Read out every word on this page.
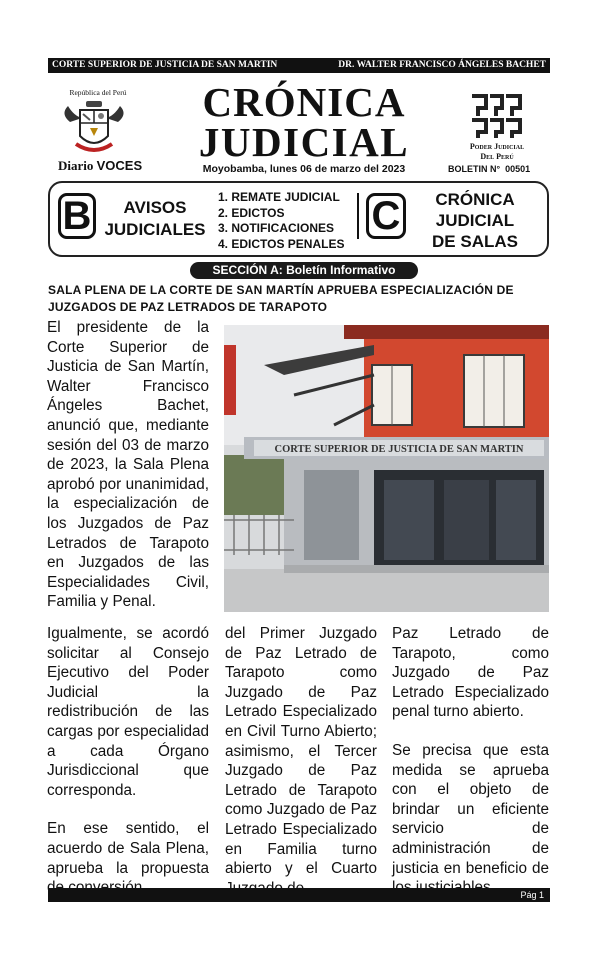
CORTE SUPERIOR DE JUSTICIA DE SAN MARTIN	DR. WALTER FRANCISCO ÁNGELES BACHET
República del Perú
Diario VOCES
CRÓNICA
JUDICIAL
Moyobamba, lunes 06 de marzo del 2023
Poder Judicial
Del Perú
BOLETIN N° 00501
B	AVISOS
JUDICIALES
1. REMATE JUDICIAL
2. EDICTOS
3. NOTIFICACIONES
4. EDICTOS PENALES
C	CRÓNICA
JUDICIAL
DE SALAS
SECCIÓN A: Boletín Informativo
SALA PLENA DE LA CORTE DE SAN MARTÍN APRUEBA ESPECIALIZACIÓN DE JUZGADOS DE PAZ LETRADOS DE TARAPOTO

El presidente de la Corte Superior de Justicia de San Martín, Walter Francisco Ángeles Bachet, anunció que, mediante sesión del 03 de marzo de 2023, la Sala Plena aprobó por unanimidad, la especialización de los Juzgados de Paz Letrados de Tarapoto en Juzgados de las Especialidades Civil, Familia y Penal.

CORTE SUPERIOR DE JUSTICIA DE SAN MARTIN

Igualmente, se acordó solicitar al Consejo Ejecutivo del Poder Judicial la redistribución de las cargas por especialidad a cada Órgano Jurisdiccional que corresponda.

En ese sentido, el acuerdo de Sala Plena, aprueba la propuesta

del Primer Juzgado de Paz Letrado de Tarapoto como Juzgado de Paz Letrado Especializado en Civil Turno Abierto; asimismo, el Tercer Juzgado de Paz Letrado de Tarapoto como Juzgado de Paz Letrado Especializado en Familia turno abierto y el Cuarto

Paz Letrado de Tarapoto, como Juzgado de Paz Letrado Especializado penal turno abierto.

Se precisa que esta medida se aprueba con el objeto de brindar un eficiente servicio de administración de justicia en beneficio de

Pág 1
